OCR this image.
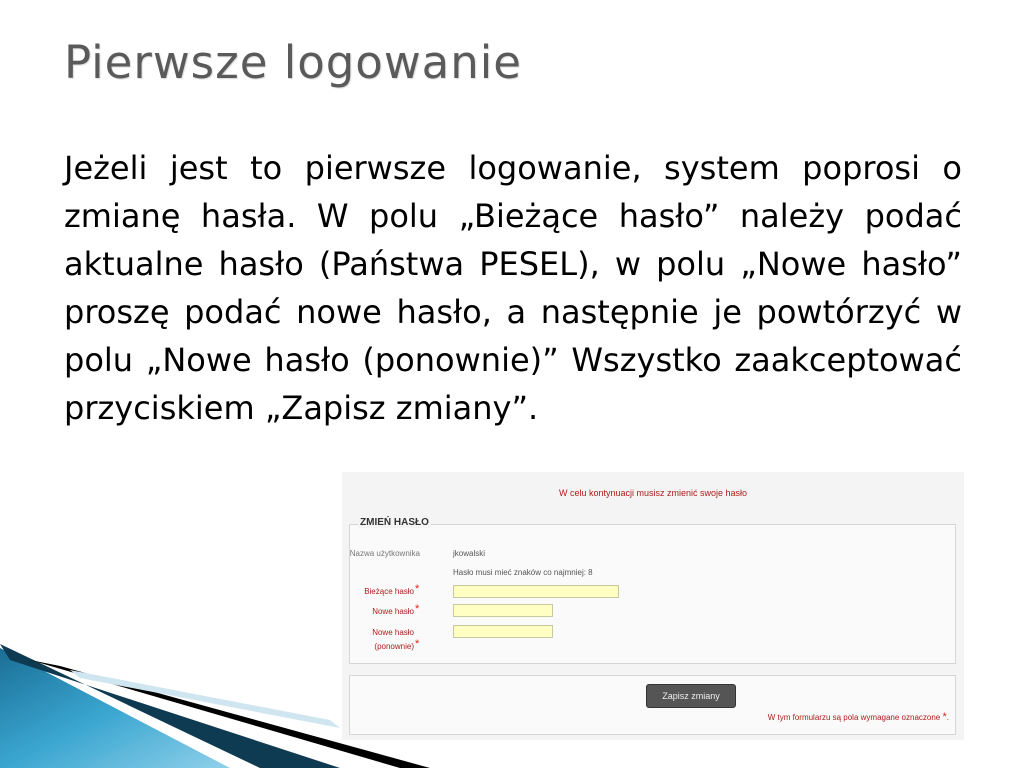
Pierwsze logowanie

Jeżeli jest to pierwsze logowanie, system poprosi o zmianę hasła. W polu „Bieżące hasło” należy podać aktualne hasło (Państwa PESEL), w polu „Nowe hasło” proszę podać nowe hasło, a następnie je powtórzyć w polu „Nowe hasło (ponownie)” Wszystko zaakceptować przyciskiem „Zapisz zmiany”.

W celu kontynuacji musisz zmienić swoje hasło
ZMIEŃ HASŁO
Nazwa użytkownika	jkowalski
Hasło musi mieć znaków co najmniej: 8
Bieżące hasło *
Nowe hasło *
Nowe hasło
(ponownie) *
Zapisz zmiany
W tym formularzu są pola wymagane oznaczone *.
